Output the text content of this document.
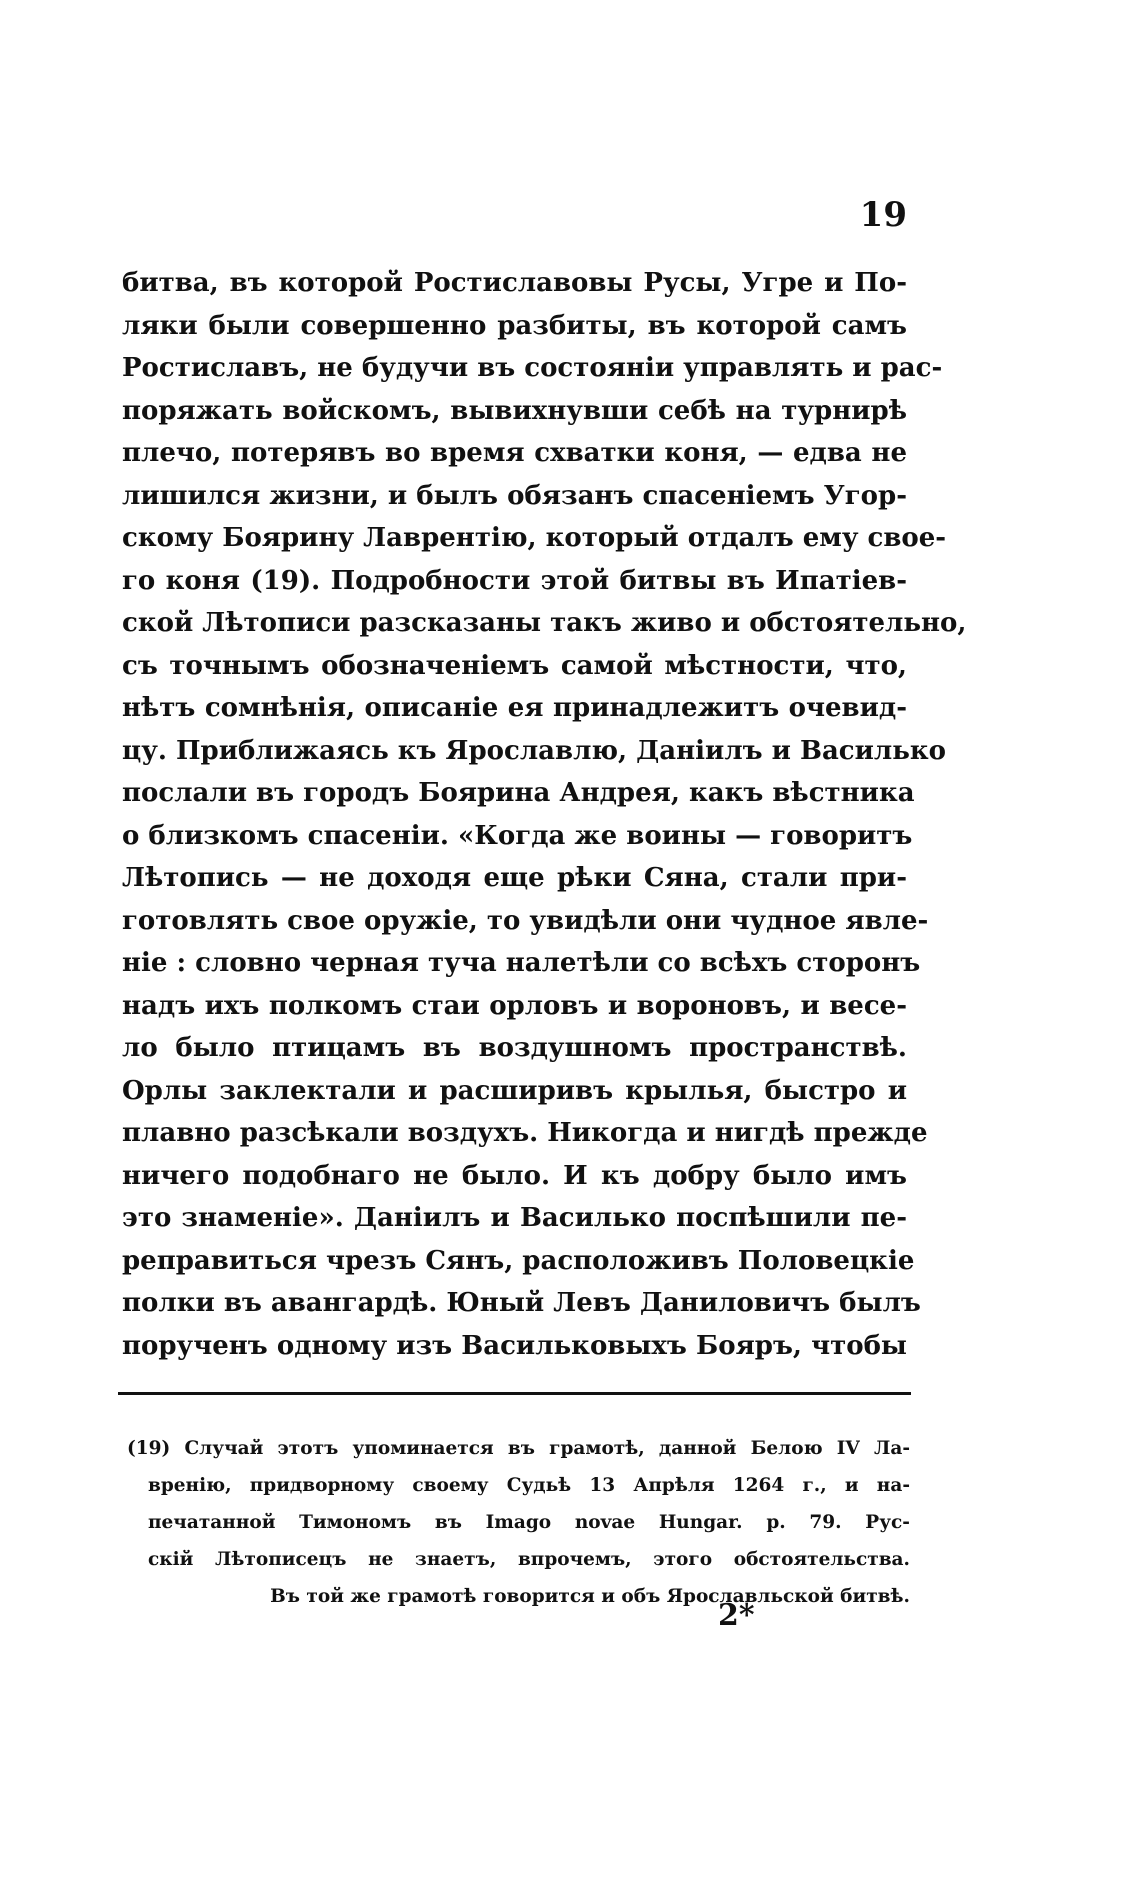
19
битва, въ которой Ростиславовы Русы, Угре и По-
ляки были совершенно разбиты, въ которой самъ
Ростиславъ, не будучи въ состояніи управлять и рас-
поряжать войскомъ, вывихнувши себѣ на турнирѣ
плечо, потерявъ во время схватки коня, — едва не
лишился жизни, и былъ обязанъ спасеніемъ Угор-
скому Боярину Лаврентію, который отдалъ ему свое-
го коня (19). Подробности этой битвы въ Ипатіев-
ской Лѣтописи разсказаны такъ живо и обстоятельно,
съ точнымъ обозначеніемъ самой мѣстности, что,
нѣтъ сомнѣнія, описаніе ея принадлежитъ очевид-
цу. Приближаясь къ Ярославлю, Даніилъ и Василько
послали въ городъ Боярина Андрея, какъ вѣстника
о близкомъ спасеніи. «Когда же воины — говоритъ
Лѣтопись — не доходя еще рѣки Сяна, стали при-
готовлять свое оружіе, то увидѣли они чудное явле-
ніе : словно черная туча налетѣли со всѣхъ сторонъ
надъ ихъ полкомъ стаи орловъ и вороновъ, и весе-
ло было птицамъ въ воздушномъ пространствѣ.
Орлы заклектали и расширивъ крылья, быстро и
плавно разсѣкали воздухъ. Никогда и нигдѣ прежде
ничего подобнаго не было. И къ добру было имъ
это знаменіе». Даніилъ и Василько поспѣшили пе-
реправиться чрезъ Сянъ, расположивъ Половецкіе
полки въ авангардѣ. Юный Левъ Даниловичъ былъ
порученъ одному изъ Васильковыхъ Бояръ, чтобы
(19) Случай этотъ упоминается въ грамотѣ, данной Белою IV Ла-
вренію, придворному своему Судьѣ 13 Апрѣля 1264 г., и на-
печатанной Тимономъ въ Imago novae Hungar. p. 79. Рус-
скій Лѣтописецъ не знаетъ, впрочемъ, этого обстоятельства.
Въ той же грамотѣ говорится и объ Ярославльской битвѣ.
2*
